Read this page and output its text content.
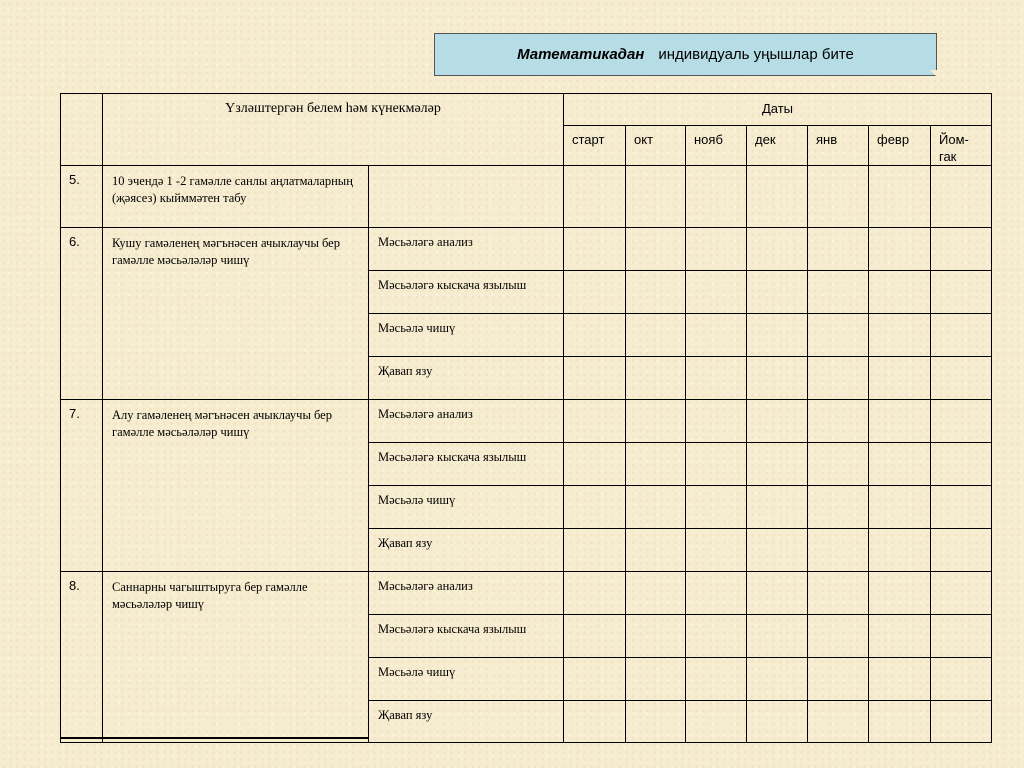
Математикадан индивидуаль уңышлар бите
	Үзләштергән белем һәм күнекмәләр		Даты						
			старт	окт	нояб	дек	янв	февр	Йом-гак
5.	10 эчендә 1 -2 гамәлле санлы аңлатмаларның (җәясез) кыйммәтен табу								
6.	Кушу гамәленең мәгънәсен ачыклаучы бер гамәлле мәсьәләләр чишү	Мәсьәләгә анализ							
		Мәсьәләгә кыскача язылыш							
		Мәсьәлә чишү							
		Җавап язу							
7.	Алу гамәленең мәгънәсен ачыклаучы бер гамәлле мәсьәләләр чишү	Мәсьәләгә анализ							
		Мәсьәләгә кыскача язылыш							
		Мәсьәлә чишү							
		Җавап язу							
8.	Саннарны чагыштыруга бер гамәлле мәсьәләләр чишү	Мәсьәләгә анализ							
		Мәсьәләгә кыскача язылыш							
		Мәсьәлә чишү							
		Җавап язу							
